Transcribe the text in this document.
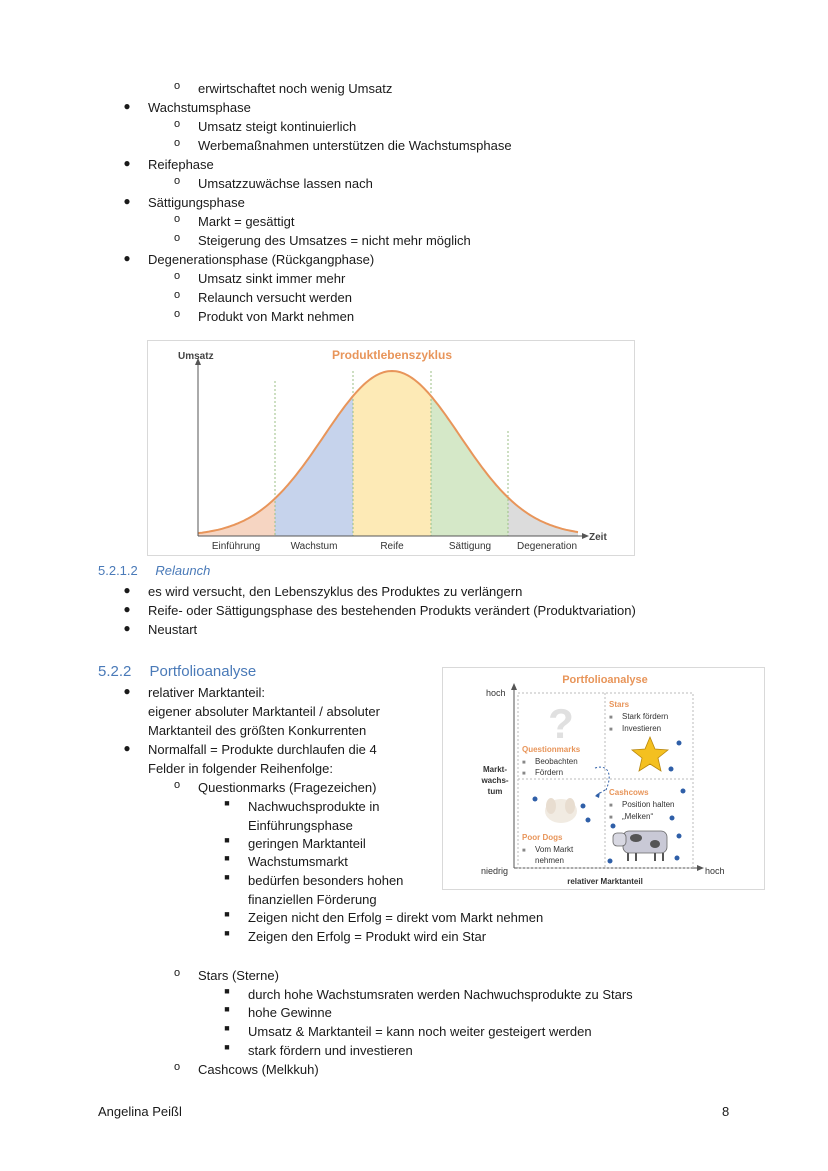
o erwirtschaftet noch wenig Umsatz
● Wachstumsphase
o Umsatz steigt kontinuierlich
o Werbemaßnahmen unterstützen die Wachstumsphase
● Reifephase
o Umsatzzuwächse lassen nach
● Sättigungsphase
o Markt = gesättigt
o Steigerung des Umsatzes = nicht mehr möglich
● Degenerationsphase (Rückgangphase)
o Umsatz sinkt immer mehr
o Relaunch versucht werden
o Produkt von Markt nehmen
Umsatz	Produktlebenszyklus
Zeit
Einführung	Wachstum	Reife	Sättigung	Degeneration
5.2.1.2 Relaunch
● es wird versucht, den Lebenszyklus des Produktes zu verlängern
● Reife- oder Sättigungsphase des bestehenden Produkts verändert (Produktvariation)
● Neustart
5.2.2 Portfolioanalyse
● relativer Marktanteil:
eigener absoluter Marktanteil / absoluter
Marktanteil des größten Konkurrenten
● Normalfall = Produkte durchlaufen die 4
Felder in folgender Reihenfolge:
o Questionmarks (Fragezeichen)
■ Nachwuchsprodukte in
Einführungsphase
■ geringen Marktanteil
■ Wachstumsmarkt
■ bedürfen besonders hohen
finanziellen Förderung
■ Zeigen nicht den Erfolg = direkt vom Markt nehmen
■ Zeigen den Erfolg = Produkt wird ein Star
o Stars (Sterne)
■ durch hohe Wachstumsraten werden Nachwuchsprodukte zu Stars
■ hohe Gewinne
■ Umsatz & Marktanteil = kann noch weiter gesteigert werden
■ stark fördern und investieren
o Cashcows (Melkkuh)
Portfolioanalyse
hoch
niedrig
Markt-
wachs-
tum
hoch
relativer Marktanteil
?
Questionmarks
■ Beobachten
■ Fördern
Stars
■ Stark fördern
■ Investieren
Cashcows
■ Position halten
■ „Melken“
Poor Dogs
■ Vom Markt
nehmen
Angelina Peißl	8
